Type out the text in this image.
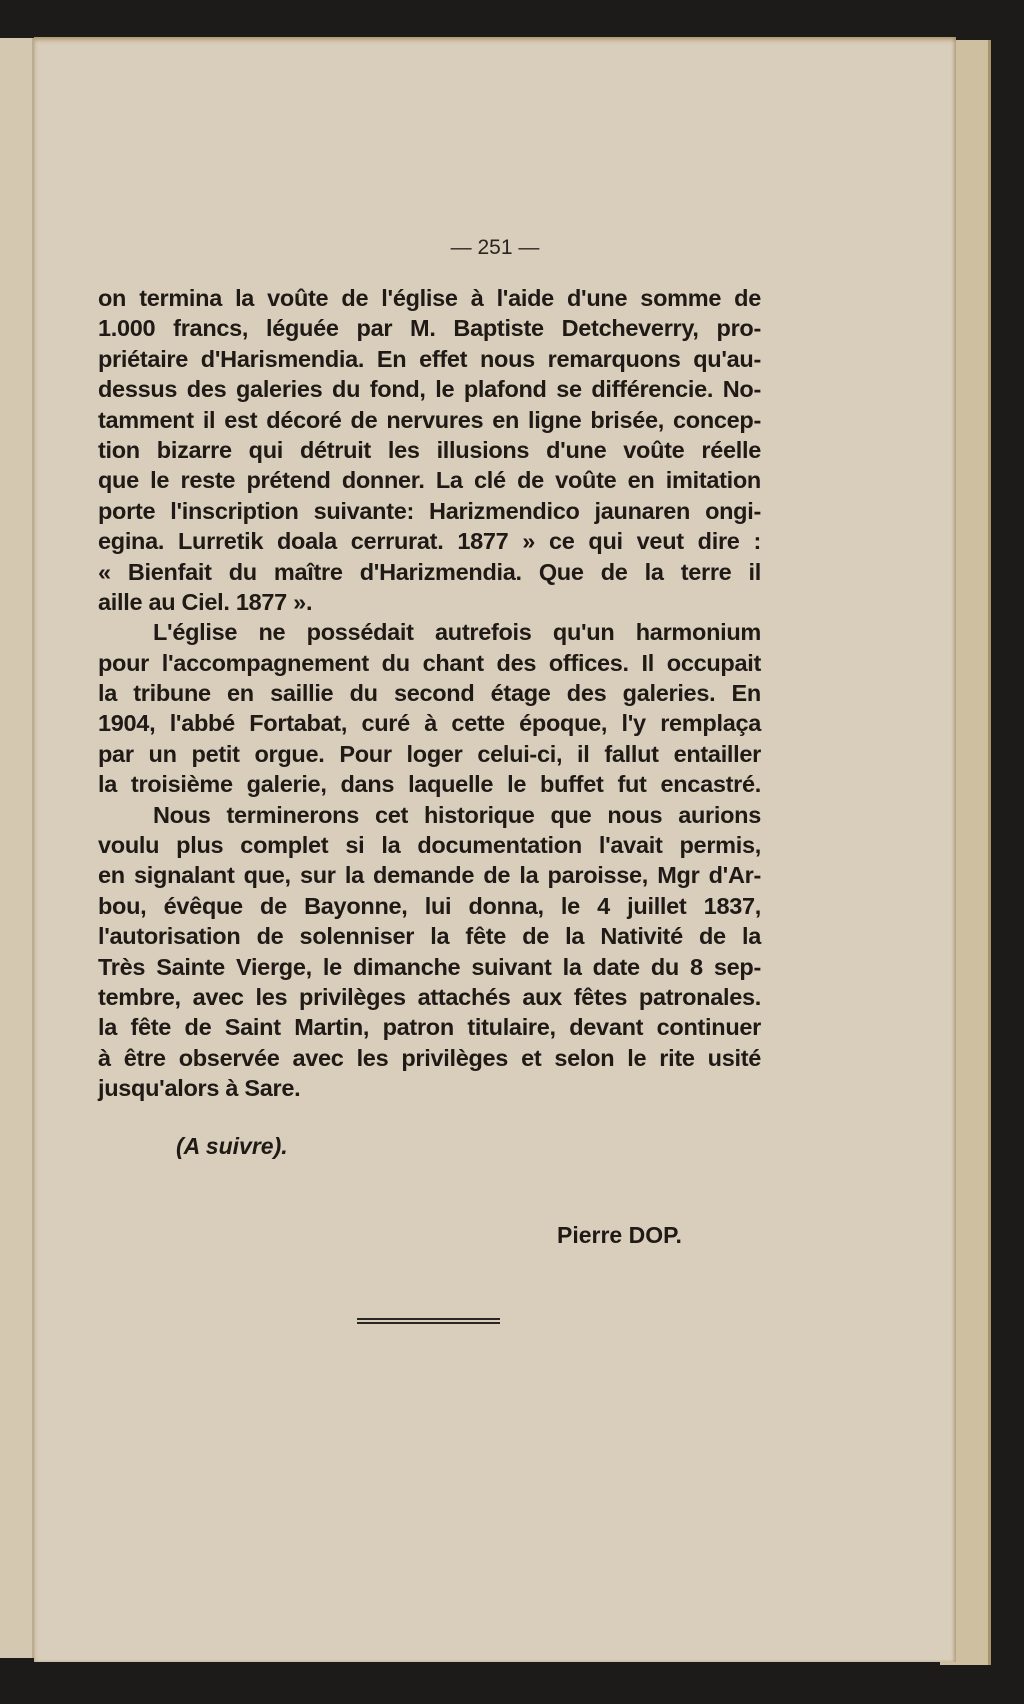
— 251 —
on termina la voûte de l'église à l'aide d'une somme de
1.000 francs, léguée par M. Baptiste Detcheverry, pro-
priétaire d'Harismendia. En effet nous remarquons qu'au-
dessus des galeries du fond, le plafond se différencie. No-
tamment il est décoré de nervures en ligne brisée, concep-
tion bizarre qui détruit les illusions d'une voûte réelle
que le reste prétend donner. La clé de voûte en imitation
porte l'inscription suivante: Harizmendico jaunaren ongi-
egina. Lurretik doala cerrurat. 1877 » ce qui veut dire :
« Bienfait du maître d'Harizmendia. Que de la terre il
aille au Ciel. 1877 ».
L'église ne possédait autrefois qu'un harmonium
pour l'accompagnement du chant des offices. Il occupait
la tribune en saillie du second étage des galeries. En
1904, l'abbé Fortabat, curé à cette époque, l'y remplaça
par un petit orgue. Pour loger celui-ci, il fallut entailler
la troisième galerie, dans laquelle le buffet fut encastré.
Nous terminerons cet historique que nous aurions
voulu plus complet si la documentation l'avait permis,
en signalant que, sur la demande de la paroisse, Mgr d'Ar-
bou, évêque de Bayonne, lui donna, le 4 juillet 1837,
l'autorisation de solenniser la fête de la Nativité de la
Très Sainte Vierge, le dimanche suivant la date du 8 sep-
tembre, avec les privilèges attachés aux fêtes patronales.
la fête de Saint Martin, patron titulaire, devant continuer
à être observée avec les privilèges et selon le rite usité
jusqu'alors à Sare.
(A suivre).
Pierre DOP.
